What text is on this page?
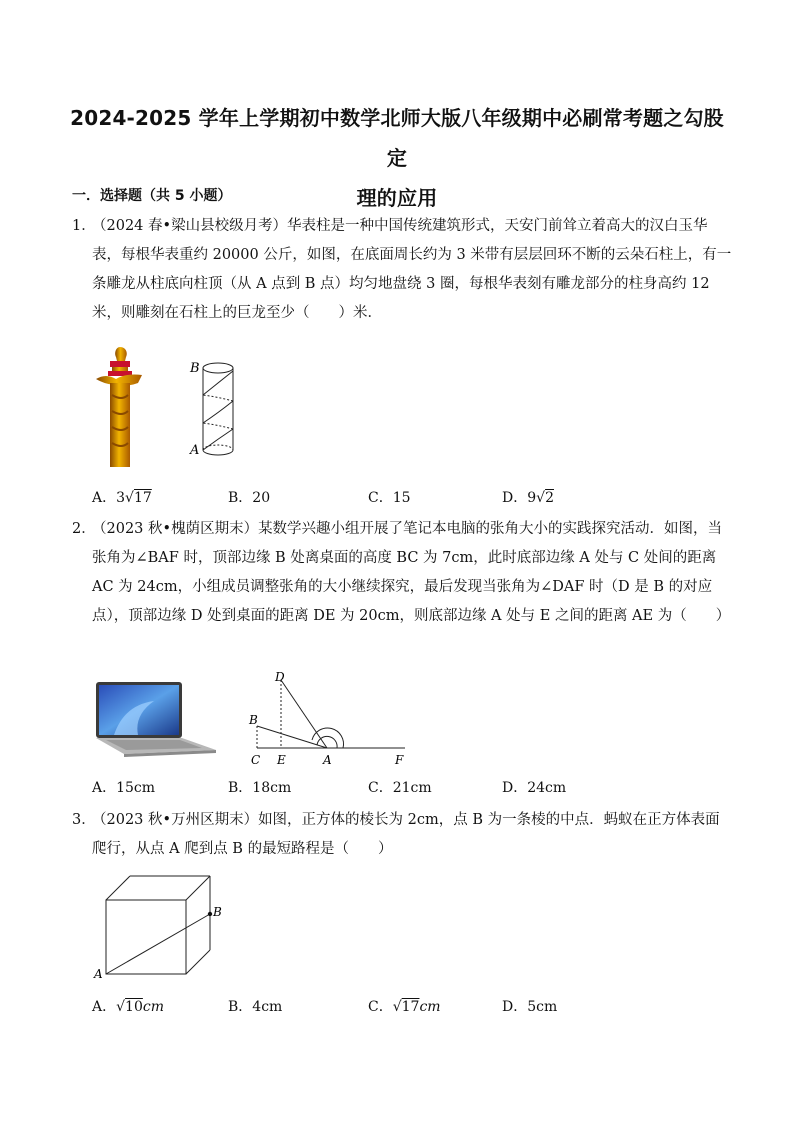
2024-2025 学年上学期初中数学北师大版八年级期中必刷常考题之勾股定
理的应用
一．选择题（共 5 小题）
1．
（2024 春•梁山县校级月考）华表柱是一种中国传统建筑形式，天安门前耸立着高大的汉白玉华表，每根华表重约 20000 公斤，如图，在底面周长约为 3 米带有层层回环不断的云朵石柱上，有一条雕龙从柱底向柱顶（从 A 点到 B 点）均匀地盘绕 3 圈，每根华表刻有雕龙部分的柱身高约 12 米，则雕刻在石柱上的巨龙至少（　　）米．
B
A
A．3√17	B．20	C．15	D．9√2
2．
（2023 秋•槐荫区期末）某数学兴趣小组开展了笔记本电脑的张角大小的实践探究活动．如图，当张角为∠BAF 时，顶部边缘 B 处离桌面的高度 BC 为 7cm，此时底部边缘 A 处与 C 处间的距离 AC 为 24cm，小组成员调整张角的大小继续探究，最后发现当张角为∠DAF 时（D 是 B 的对应点），顶部边缘 D 处到桌面的距离 DE 为 20cm，则底部边缘 A 处与 E 之间的距离 AE 为（　　）
D
B
C E	A	F
A．15cm	B．18cm	C．21cm	D．24cm
3．
（2023 秋•万州区期末）如图，正方体的棱长为 2cm，点 B 为一条棱的中点．蚂蚁在正方体表面爬行，从点 A 爬到点 B 的最短路程是（　　）
A
B
A．√10cm	B．4cm	C．√17cm	D．5cm
